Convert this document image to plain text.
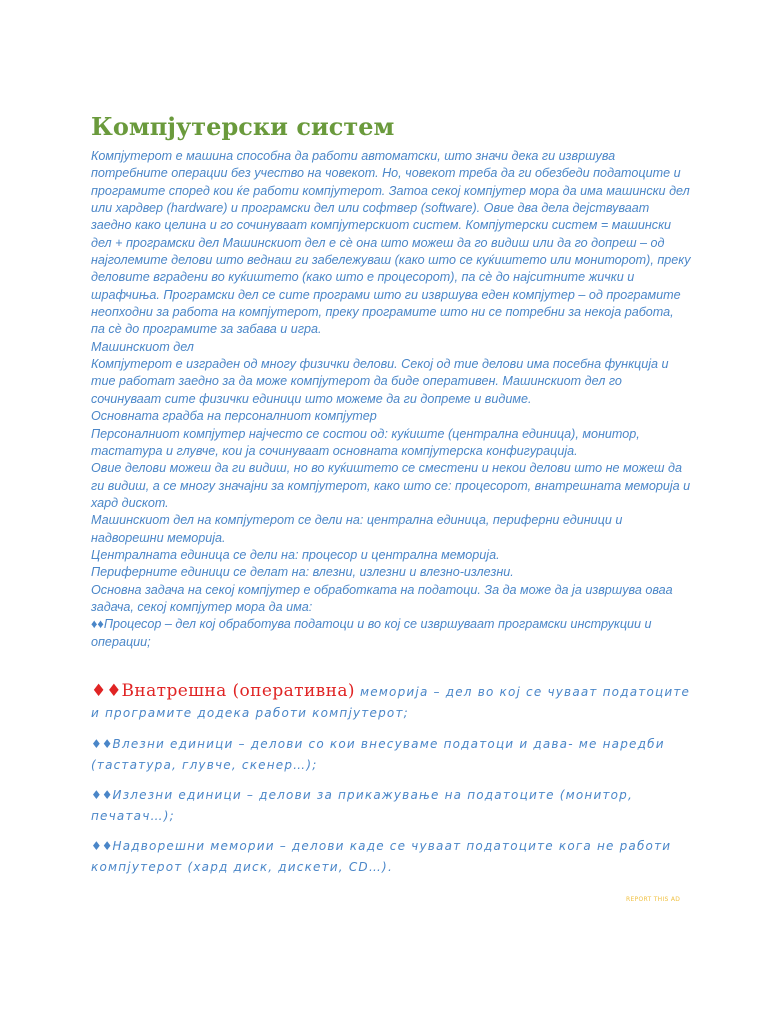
Компјутерски систем

Компјутерот е машина способна да работи автоматски, што значи дека ги извршува потребните операции без учество на човекот. Но, човекот треба да ги обезбеди податоците и програмите според кои ќе работи компјутерот. Затоа секој компјутер мора да има машински дел или хардвер (hardware) и програмски дел или софтвер (software). Овие два дела дејствуваат заедно како целина и го сочинуваат компјутерскиот систем. Компјутерски систем = машински дел + програмски дел Машинскиот дел е сè она што можеш да го видиш или да го допреш – од најголемите делови што веднаш ги забележуваш (како што се куќиштето или мониторот), преку деловите вградени во куќиштето (како што е процесорот), па сè до најситните жички и шрафчиња. Програмски дел се сите програми што ги извршува еден компјутер – од програмите неопходни за работа на компјутерот, преку програмите што ни се потребни за некоја работа, па сè до програмите за забава и игра.

Машинскиот дел

Компјутерот е изграден од многу физички делови. Секој од тие делови има посебна функција и тие работат заедно за да може компјутерот да биде оперативен. Машинскиот дел го сочинуваат сите физички единици што можеме да ги допреме и видиме.

Основната градба на персоналниот компјутер

Персоналниот компјутер најчесто се состои од: куќиште (централна единица), монитор, тастатура и глувче, кои ја сочинуваат основната компјутерска конфигурација.

Овие делови можеш да ги видиш, но во куќиштето се сместени и некои делови што не можеш да ги видиш, а се многу значајни за компјутерот, како што се: процесорот, внатрешната меморија и хард дискот.

Машинскиот дел на компјутерот се дели на: централна единица, периферни единици и надворешни меморија.

Централната единица се дели на: процесор и централна меморија.

Периферните единици се делат на: влезни, излезни и влезно-излезни.

Основна задача на секој компјутер е обработката на податоци. За да може да ја извршува оваа задача, секој компјутер мора да има:

♦♦Процесор – дел кој обработува податоци и во кој се извршуваат програмски инструкции и операции;

♦♦Внатрешна (оперативна) меморија – дел во кој се чуваат податоците и програмите додека работи компјутерот;

♦♦Влезни единици – делови со кои внесуваме податоци и дава- ме наредби (тастатура, глувче, скенер…);

♦♦Излезни единици – делови за прикажување на податоците (монитор, печатач…);

♦♦Надворешни мемории – делови каде се чуваат податоците кога не работи компјутерот (хард диск, дискети, CD…).

REPORT THIS AD
